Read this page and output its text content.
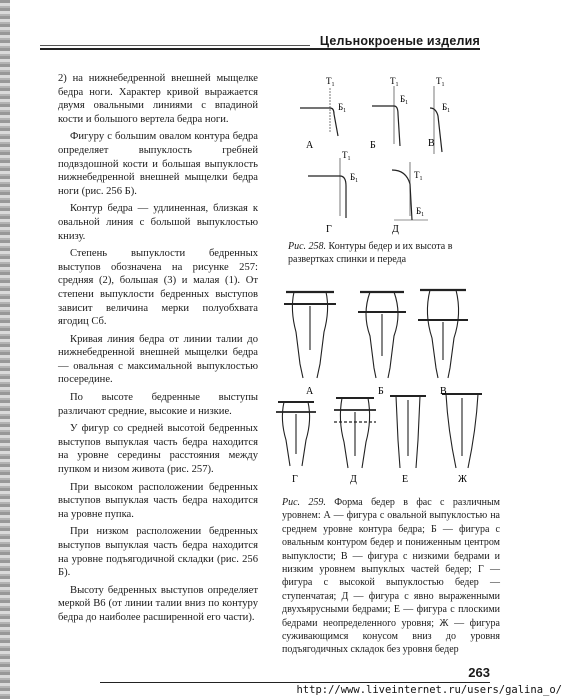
Цельнокроеные изделия

2) на нижнебедренной внешней мыщелке бедра ноги. Характер кривой выражается двумя овальными линиями с впадиной кости и большого вертела бедра ноги.

Фигуру с большим овалом контура бедра определяет выпуклость гребней подвздошной кости и большая выпуклость нижнебедренной внешней мыщелки бедра ноги (рис. 256 Б).

Контур бедра — удлиненная, близкая к овальной линия с большой выпуклостью книзу.

Степень выпуклости бедренных выступов обозначена на рисунке 257: средняя (2), большая (3) и малая (1). От степени выпуклости бедренных выступов зависит величина мерки полуобхвата ягодиц Сб.

Кривая линия бедра от линии талии до нижнебедренной внешней мыщелки бедра — овальная с максимальной выпуклостью посередине.

По высоте бедренные выступы различают средние, высокие и низкие.

У фигур со средней высотой бедренных выступов выпуклая часть бедра находится на уровне середины расстояния между пупком и низом живота (рис. 257).

При высоком расположении бедренных выступов выпуклая часть бедра находится на уровне пупка.

При низком расположении бедренных выступов выпуклая часть бедра находится на уровне подъягодичной складки (рис. 256 Б).

Высоту бедренных выступов определяет меркой В6 (от линии талии вниз по контуру бедра до наиболее расширенной его части).

$Т_1$
$Б_1$
$Т_1$
$Б_1$
$Т_1$
$Б_1$
$Т_1$
$Б_1$
$Т_1$
$Б_1$
А	Б	В
Г	Д
Рис. 258. Контуры бедер и их высота в развертках спинки и переда
А	Б	В
Г	Д	Е	Ж
Рис. 259. Форма бедер в фас с различным уровнем: А — фигура с овальной выпуклостью на среднем уровне контура бедра; Б — фигура с овальным контуром бедер и пониженным центром выпуклости; В — фигура с низкими бедрами и низким уровнем выпуклых частей бедер; Г — фигура с высокой выпуклостью бедер — ступенчатая; Д — фигура с явно выраженными двухъярусными бедрами; Е — фигура с плоскими бедрами неопределенного уровня; Ж — фигура суживающимся конусом вниз до уровня подъягодичных складок без уровня бедер
263
http://www.liveinternet.ru/users/galina_o/
